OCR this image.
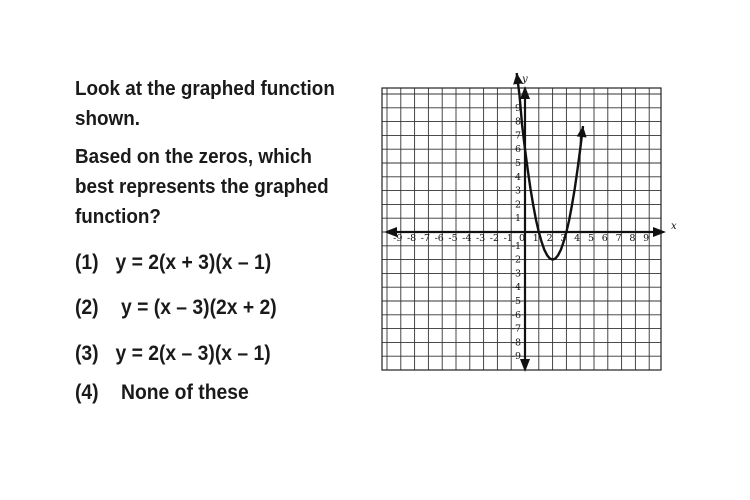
Look at the graphed function
shown.
Based on the zeros, which
best represents the graphed
function?
(1) y = 2(x + 3)(x – 1)
(2) y = (x – 3)(2x + 2)
(3) y = 2(x – 3)(x – 1)
(4) None of these
x
y
-9 -8 -7 -6 -5 -4 -3 -2 -1 0 1 2 3 4 5 6 7 8 9
-9
-8
-7
-6
-5
-4
-3
-2
-1
1
2
3
4
5
6
7
8
9
